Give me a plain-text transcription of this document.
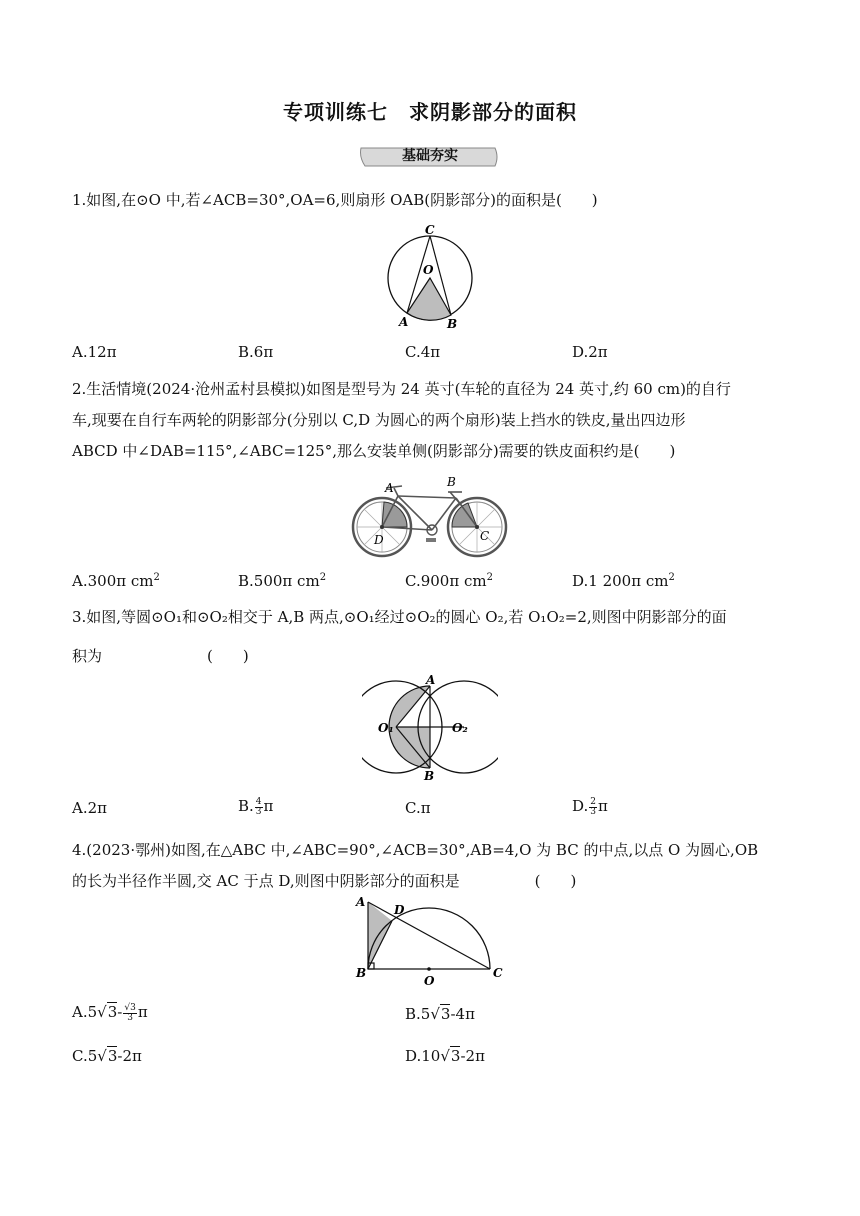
专项训练七　求阴影部分的面积
基础夯实
1.如图,在⊙O 中,若∠ACB=30°,OA=6,则扇形 OAB(阴影部分)的面积是(　　)
C
O
A	B
A.12π	B.6π	C.4π	D.2π
2.生活情境(2024·沧州孟村县模拟)如图是型号为 24 英寸(车轮的直径为 24 英寸,约 60 cm)的自行
车,现要在自行车两轮的阴影部分(分别以 C,D 为圆心的两个扇形)装上挡水的铁皮,量出四边形
ABCD 中∠DAB=115°,∠ABC=125°,那么安装单侧(阴影部分)需要的铁皮面积约是(　　)
A	B
C
D
A.300π $cm^2$	B.500π $cm^2$	C.900π $cm^2$	D.1 200π $cm^2$
3.如图,等圆⊙O₁和⊙O₂相交于 A,B 两点,⊙O₁经过⊙O₂的圆心 O₂,若 O₁O₂=2,则图中阴影部分的面
积为　　　　　　　(　　)
A
B
O₁	O₂
A.2π	B. $\frac{4}{3}$ π	C.π	D. $\frac{2}{3}$ π
4.(2023·鄂州)如图,在△ABC 中,∠ABC=90°,∠ACB=30°,AB=4,O 为 BC 的中点,以点 O 为圆心,OB
的长为半径作半圆,交 AC 于点 D,则图中阴影部分的面积是　　　　　(　　)
A
D
B
O
C
$A.5√3- \frac{√3}{3}$ π	B.5√3-4π
C.5√3-2π	D.10√3-2π
